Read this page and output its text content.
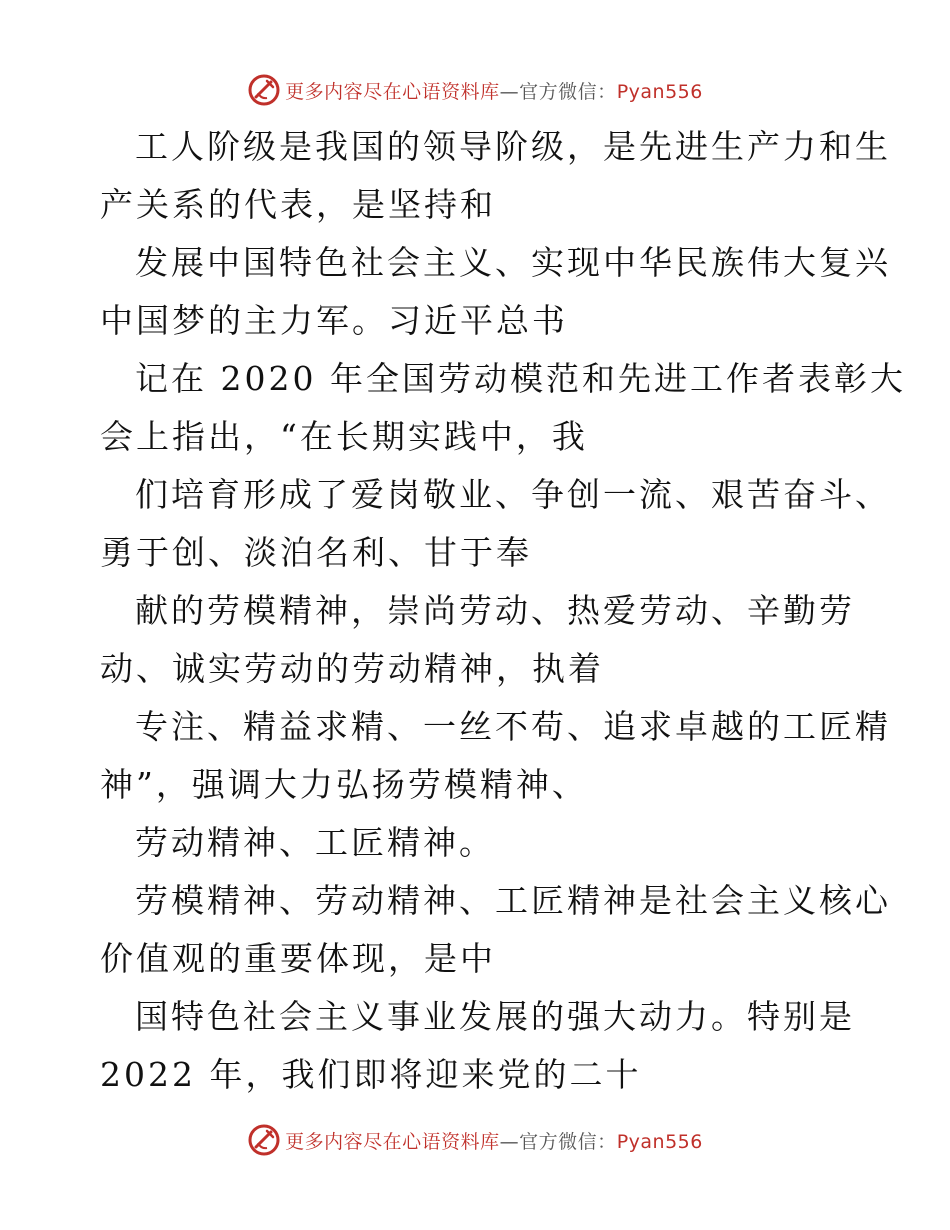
更多内容尽在心语资料库—官方微信：Pyan556
工人阶级是我国的领导阶级，是先进生产力和生
产关系的代表，是坚持和
发展中国特色社会主义、实现中华民族伟大复兴
中国梦的主力军。习近平总书
记在 2020 年全国劳动模范和先进工作者表彰大
会上指出，“在长期实践中，我
们培育形成了爱岗敬业、争创一流、艰苦奋斗、
勇于创、淡泊名利、甘于奉
献的劳模精神，崇尚劳动、热爱劳动、辛勤劳
动、诚实劳动的劳动精神，执着
专注、精益求精、一丝不苟、追求卓越的工匠精
神”，强调大力弘扬劳模精神、
劳动精神、工匠精神。
劳模精神、劳动精神、工匠精神是社会主义核心
价值观的重要体现，是中
国特色社会主义事业发展的强大动力。特别是
2022 年，我们即将迎来党的二十
更多内容尽在心语资料库—官方微信：Pyan556
